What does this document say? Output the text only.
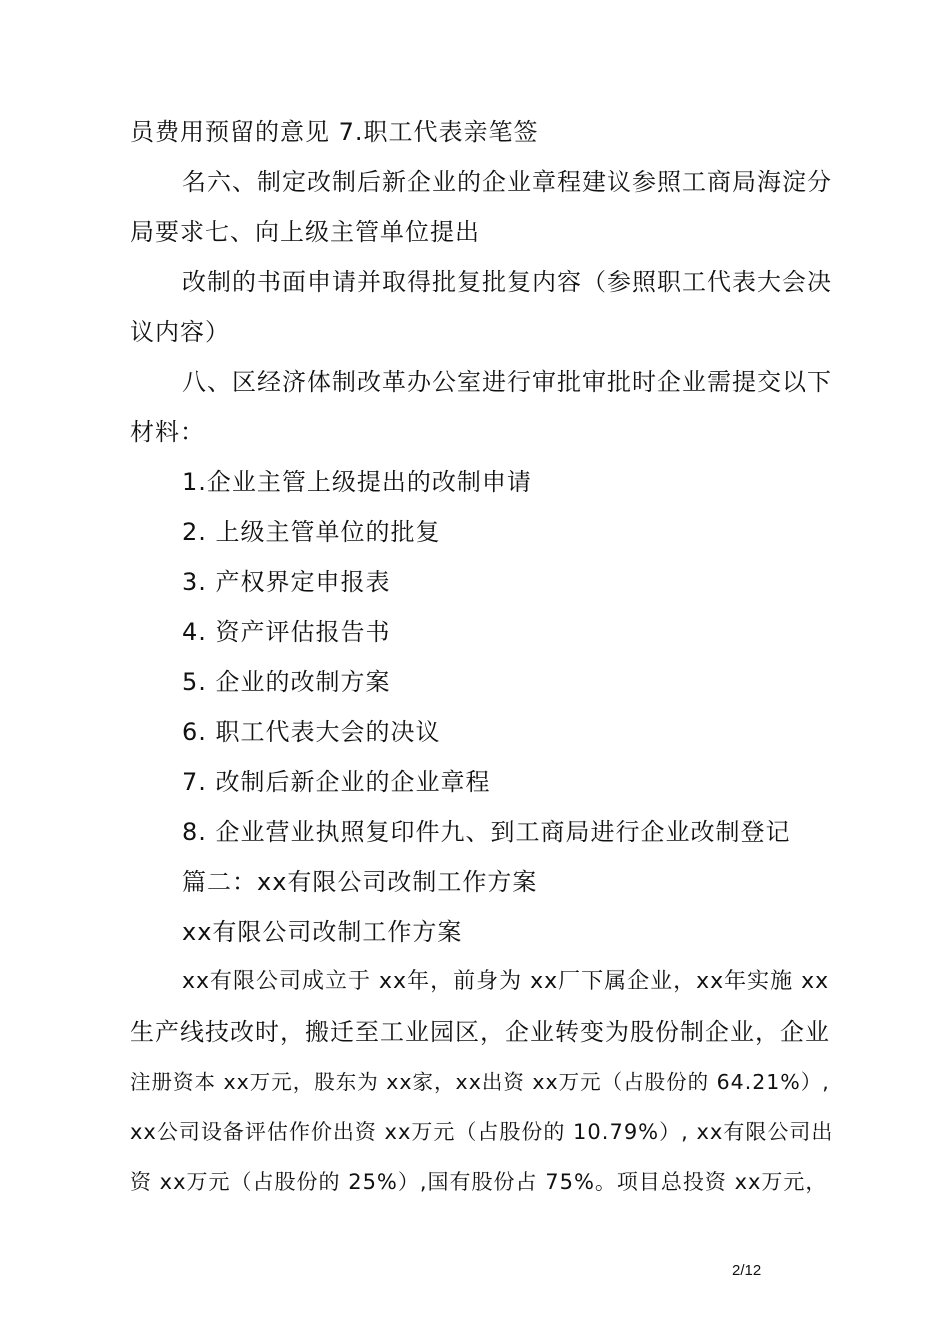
员费用预留的意见 7.职工代表亲笔签
名六、制定改制后新企业的企业章程建议参照工商局海淀分
局要求七、向上级主管单位提出
改制的书面申请并取得批复批复内容（参照职工代表大会决
议内容）
八、区经济体制改革办公室进行审批审批时企业需提交以下
材料：
1.企业主管上级提出的改制申请
2. 上级主管单位的批复
3. 产权界定申报表
4. 资产评估报告书
5. 企业的改制方案
6. 职工代表大会的决议
7. 改制后新企业的企业章程
8. 企业营业执照复印件九、到工商局进行企业改制登记
篇二：xx有限公司改制工作方案
xx有限公司改制工作方案
xx有限公司成立于 xx年，前身为 xx厂下属企业，xx年实施 xx
生产线技改时，搬迁至工业园区，企业转变为股份制企业，企业
注册资本 xx万元，股东为 xx家，xx出资 xx万元（占股份的 64.21%）,
xx公司设备评估作价出资 xx万元（占股份的 10.79%）, xx有限公司出
资 xx万元（占股份的 25%）,国有股份占 75%。项目总投资 xx万元，
2/12
